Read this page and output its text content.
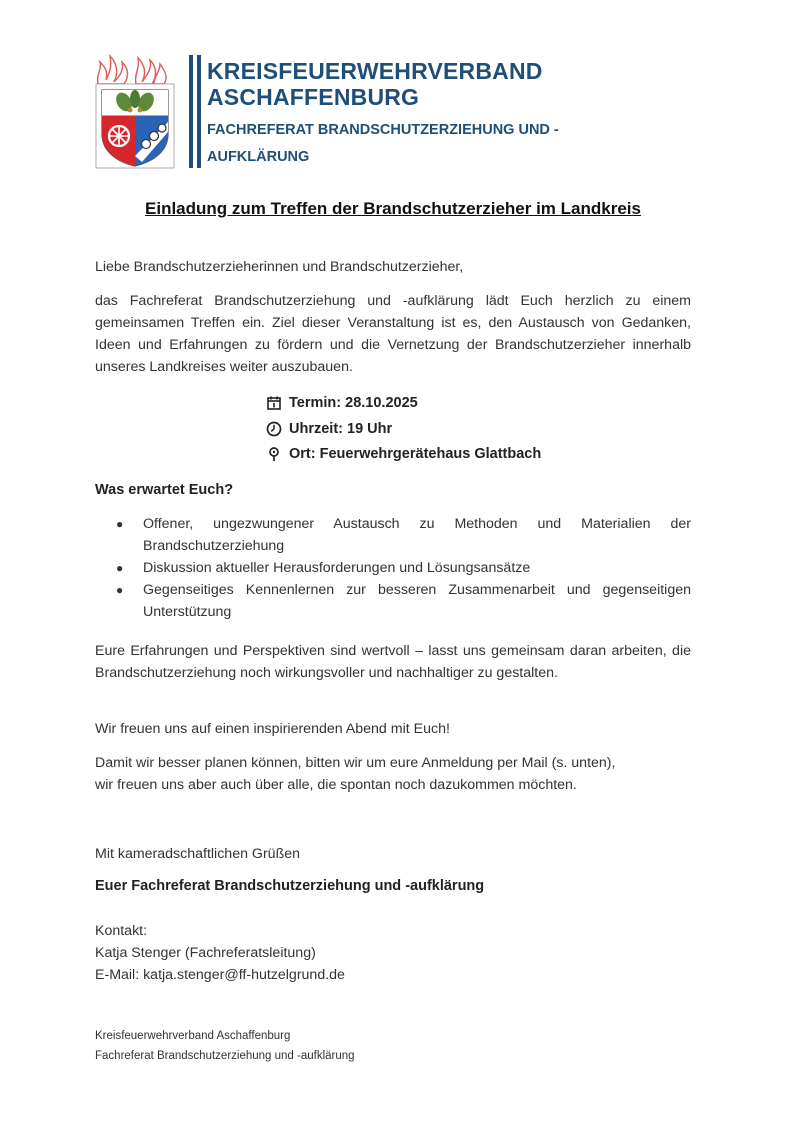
KREISFEUERWEHRVERBAND
ASCHAFFENBURG
FACHREFERAT BRANDSCHUTZERZIEHUNG UND -
AUFKLÄRUNG
Einladung zum Treffen der Brandschutzerzieher im Landkreis
Liebe Brandschutzerzieherinnen und Brandschutzerzieher,
das Fachreferat Brandschutzerziehung und -aufklärung lädt Euch herzlich zu einem gemeinsamen Treffen ein. Ziel dieser Veranstaltung ist es, den Austausch von Gedanken, Ideen und Erfahrungen zu fördern und die Vernetzung der Brandschutzerzieher innerhalb unseres Landkreises weiter auszubauen.
Termin: 28.10.2025
Uhrzeit: 19 Uhr
Ort: Feuerwehrgerätehaus Glattbach
Was erwartet Euch?
● Offener, ungezwungener Austausch zu Methoden und Materialien der Brandschutzerziehung
● Diskussion aktueller Herausforderungen und Lösungsansätze
● Gegenseitiges Kennenlernen zur besseren Zusammenarbeit und gegenseitigen Unterstützung
Eure Erfahrungen und Perspektiven sind wertvoll – lasst uns gemeinsam daran arbeiten, die Brandschutzerziehung noch wirkungsvoller und nachhaltiger zu gestalten.
Wir freuen uns auf einen inspirierenden Abend mit Euch!
Damit wir besser planen können, bitten wir um eure Anmeldung per Mail (s. unten),
wir freuen uns aber auch über alle, die spontan noch dazukommen möchten.
Mit kameradschaftlichen Grüßen
Euer Fachreferat Brandschutzerziehung und -aufklärung
Kontakt:
Katja Stenger (Fachreferatsleitung)
E-Mail: katja.stenger@ff-hutzelgrund.de
Kreisfeuerwehrverband Aschaffenburg
Fachreferat Brandschutzerziehung und -aufklärung
